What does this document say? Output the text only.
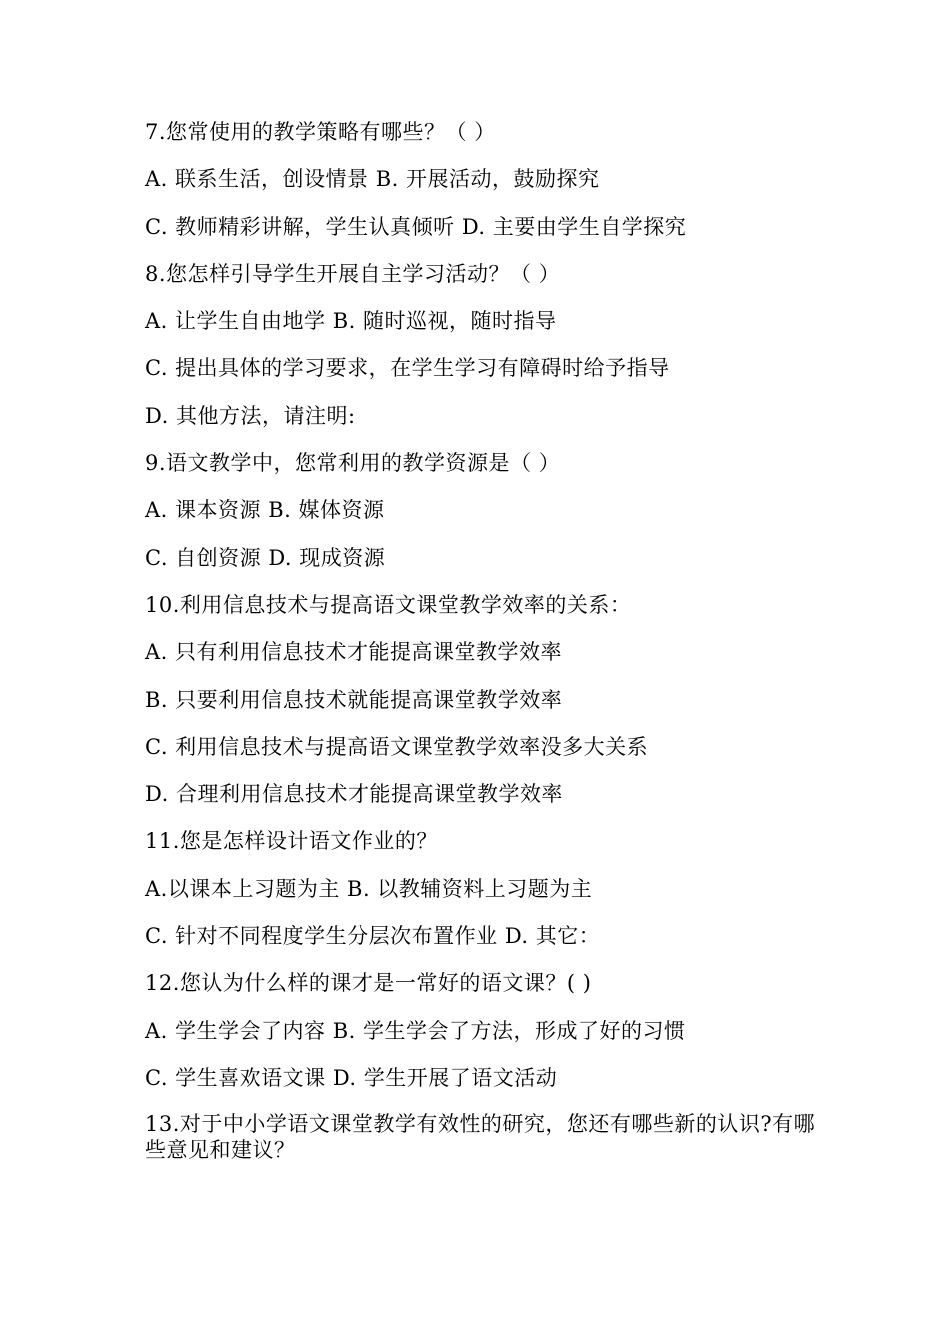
7.您常使用的教学策略有哪些？（ ）
A. 联系生活，创设情景 B. 开展活动，鼓励探究
C. 教师精彩讲解，学生认真倾听 D. 主要由学生自学探究
8.您怎样引导学生开展自主学习活动？（ ）
A. 让学生自由地学 B. 随时巡视，随时指导
C. 提出具体的学习要求，在学生学习有障碍时给予指导
D. 其他方法，请注明:
9.语文教学中，您常利用的教学资源是（ ）
A. 课本资源 B. 媒体资源
C. 自创资源 D. 现成资源
10.利用信息技术与提高语文课堂教学效率的关系：
A. 只有利用信息技术才能提高课堂教学效率
B. 只要利用信息技术就能提高课堂教学效率
C. 利用信息技术与提高语文课堂教学效率没多大关系
D. 合理利用信息技术才能提高课堂教学效率
11.您是怎样设计语文作业的？
A.以课本上习题为主 B. 以教辅资料上习题为主
C. 针对不同程度学生分层次布置作业 D. 其它：
12.您认为什么样的课才是一常好的语文课？( )
A. 学生学会了内容 B. 学生学会了方法，形成了好的习惯
C. 学生喜欢语文课 D. 学生开展了语文活动
13.对于中小学语文课堂教学有效性的研究，您还有哪些新的认识?有哪些意见和建议？
